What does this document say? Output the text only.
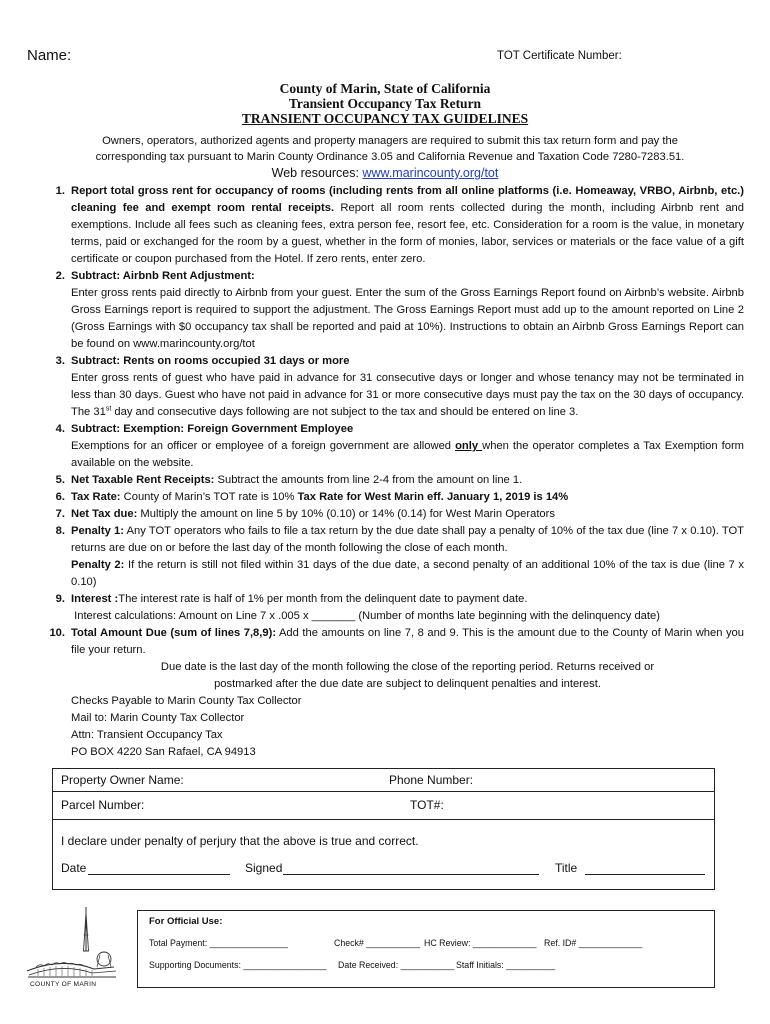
Name:	TOT Certificate Number:
County of Marin, State of California
Transient Occupancy Tax Return
TRANSIENT OCCUPANCY TAX GUIDELINES
Owners, operators, authorized agents and property managers are required to submit this tax return form and pay the corresponding tax pursuant to Marin County Ordinance 3.05 and California Revenue and Taxation Code 7280-7283.51.
Web resources: www.marincounty.org/tot
1. Report total gross rent for occupancy of rooms (including rents from all online platforms (i.e. Homeaway, VRBO, Airbnb, etc.) cleaning fee and exempt room rental receipts. Report all room rents collected during the month, including Airbnb rent and exemptions. Include all fees such as cleaning fees, extra person fee, resort fee, etc. Consideration for a room is the value, in monetary terms, paid or exchanged for the room by a guest, whether in the form of monies, labor, services or materials or the face value of a gift certificate or coupon purchased from the Hotel. If zero rents, enter zero.
2. Subtract: Airbnb Rent Adjustment:
Enter gross rents paid directly to Airbnb from your guest. Enter the sum of the Gross Earnings Report found on Airbnb’s website. Airbnb Gross Earnings report is required to support the adjustment. The Gross Earnings Report must add up to the amount reported on Line 2 (Gross Earnings with $0 occupancy tax shall be reported and paid at 10%). Instructions to obtain an Airbnb Gross Earnings Report can be found on www.marincounty.org/tot
3. Subtract: Rents on rooms occupied 31 days or more
Enter gross rents of guest who have paid in advance for 31 consecutive days or longer and whose tenancy may not be terminated in less than 30 days. Guest who have not paid in advance for 31 or more consecutive days must pay the tax on the 30 days of occupancy. The 31st day and consecutive days following are not subject to the tax and should be entered on line 3.
4. Subtract: Exemption: Foreign Government Employee
Exemptions for an officer or employee of a foreign government are allowed only when the operator completes a Tax Exemption form available on the website.
5. Net Taxable Rent Receipts: Subtract the amounts from line 2-4 from the amount on line 1.
6. Tax Rate: County of Marin’s TOT rate is 10% Tax Rate for West Marin eff. January 1, 2019 is 14%
7. Net Tax due: Multiply the amount on line 5 by 10% (0.10) or 14% (0.14) for West Marin Operators
8. Penalty 1: Any TOT operators who fails to file a tax return by the due date shall pay a penalty of 10% of the tax due (line 7 x 0.10). TOT returns are due on or before the last day of the month following the close of each month.
Penalty 2: If the return is still not filed within 31 days of the due date, a second penalty of an additional 10% of the tax is due (line 7 x 0.10)
9. Interest :The interest rate is half of 1% per month from the delinquent date to payment date.
Interest calculations: Amount on Line 7 x .005 x _______ (Number of months late beginning with the delinquency date)
10. Total Amount Due (sum of lines 7,8,9): Add the amounts on line 7, 8 and 9. This is the amount due to the County of Marin when you file your return.
Due date is the last day of the month following the close of the reporting period. Returns received or
postmarked after the due date are subject to delinquent penalties and interest.
Checks Payable to Marin County Tax Collector
Mail to: Marin County Tax Collector
Attn: Transient Occupancy Tax
PO BOX 4220 San Rafael, CA 94913
Property Owner Name:	Phone Number:
Parcel Number:	TOT#:
I declare under penalty of perjury that the above is true and correct.
Date	Signed	Title
For Official Use:
Total Payment: ________________	Check# ___________ HC Review: _____________ Ref. ID# _____________
Supporting Documents: _________________ Date Received: ___________ Staff Initials: __________
COUNTY OF MARIN
